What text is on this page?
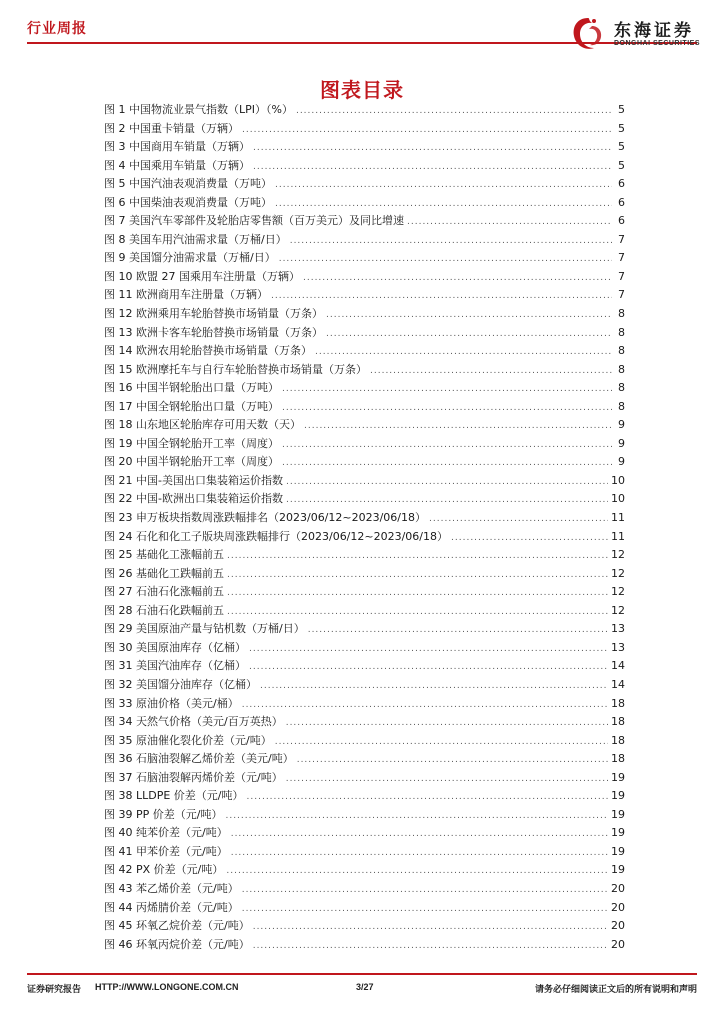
行业周报	东海证券
DONGHAI SECURITIES
图表目录
图 1 中国物流业景气指数（LPI）（%） .....	5
图 2 中国重卡销量（万辆） .....	5
图 3 中国商用车销量（万辆） .....	5
图 4 中国乘用车销量（万辆） .....	5
图 5 中国汽油表观消费量（万吨） .....	6
图 6 中国柴油表观消费量（万吨） .....	6
图 7 美国汽车零部件及轮胎店零售额（百万美元）及同比增速 .....	6
图 8 美国车用汽油需求量（万桶/日） .....	7
图 9 美国馏分油需求量（万桶/日） .....	7
图 10 欧盟 27 国乘用车注册量（万辆） .....	7
图 11 欧洲商用车注册量（万辆） .....	7
图 12 欧洲乘用车轮胎替换市场销量（万条） .....	8
图 13 欧洲卡客车轮胎替换市场销量（万条） .....	8
图 14 欧洲农用轮胎替换市场销量（万条） .....	8
图 15 欧洲摩托车与自行车轮胎替换市场销量（万条） .....	8
图 16 中国半钢轮胎出口量（万吨） .....	8
图 17 中国全钢轮胎出口量（万吨） .....	8
图 18 山东地区轮胎库存可用天数（天） .....	9
图 19 中国全钢轮胎开工率（周度） .....	9
图 20 中国半钢轮胎开工率（周度） .....	9
图 21 中国-美国出口集装箱运价指数 .....	10
图 22 中国-欧洲出口集装箱运价指数 .....	10
图 23 申万板块指数周涨跌幅排名（2023/06/12~2023/06/18） .....	11
图 24 石化和化工子版块周涨跌幅排行（2023/06/12~2023/06/18） .....	11
图 25 基础化工涨幅前五 .....	12
图 26 基础化工跌幅前五 .....	12
图 27 石油石化涨幅前五 .....	12
图 28 石油石化跌幅前五 .....	12
图 29 美国原油产量与钻机数（万桶/日） .....	13
图 30 美国原油库存（亿桶） .....	13
图 31 美国汽油库存（亿桶） .....	14
图 32 美国馏分油库存（亿桶） .....	14
图 33 原油价格（美元/桶） .....	18
图 34 天然气价格（美元/百万英热） .....	18
图 35 原油催化裂化价差（元/吨） .....	18
图 36 石脑油裂解乙烯价差（美元/吨） .....	18
图 37 石脑油裂解丙烯价差（元/吨） .....	19
图 38 LLDPE 价差（元/吨） .....	19
图 39 PP 价差（元/吨） .....	19
图 40 纯苯价差（元/吨） .....	19
图 41 甲苯价差（元/吨） .....	19
图 42 PX 价差（元/吨） .....	19
图 43 苯乙烯价差（元/吨） .....	20
图 44 丙烯腈价差（元/吨） .....	20
图 45 环氧乙烷价差（元/吨） .....	20
图 46 环氧丙烷价差（元/吨） .....	20
证券研究报告 HTTP://WWW.LONGONE.COM.CN	3/27	请务必仔细阅读正文后的所有说明和声明
